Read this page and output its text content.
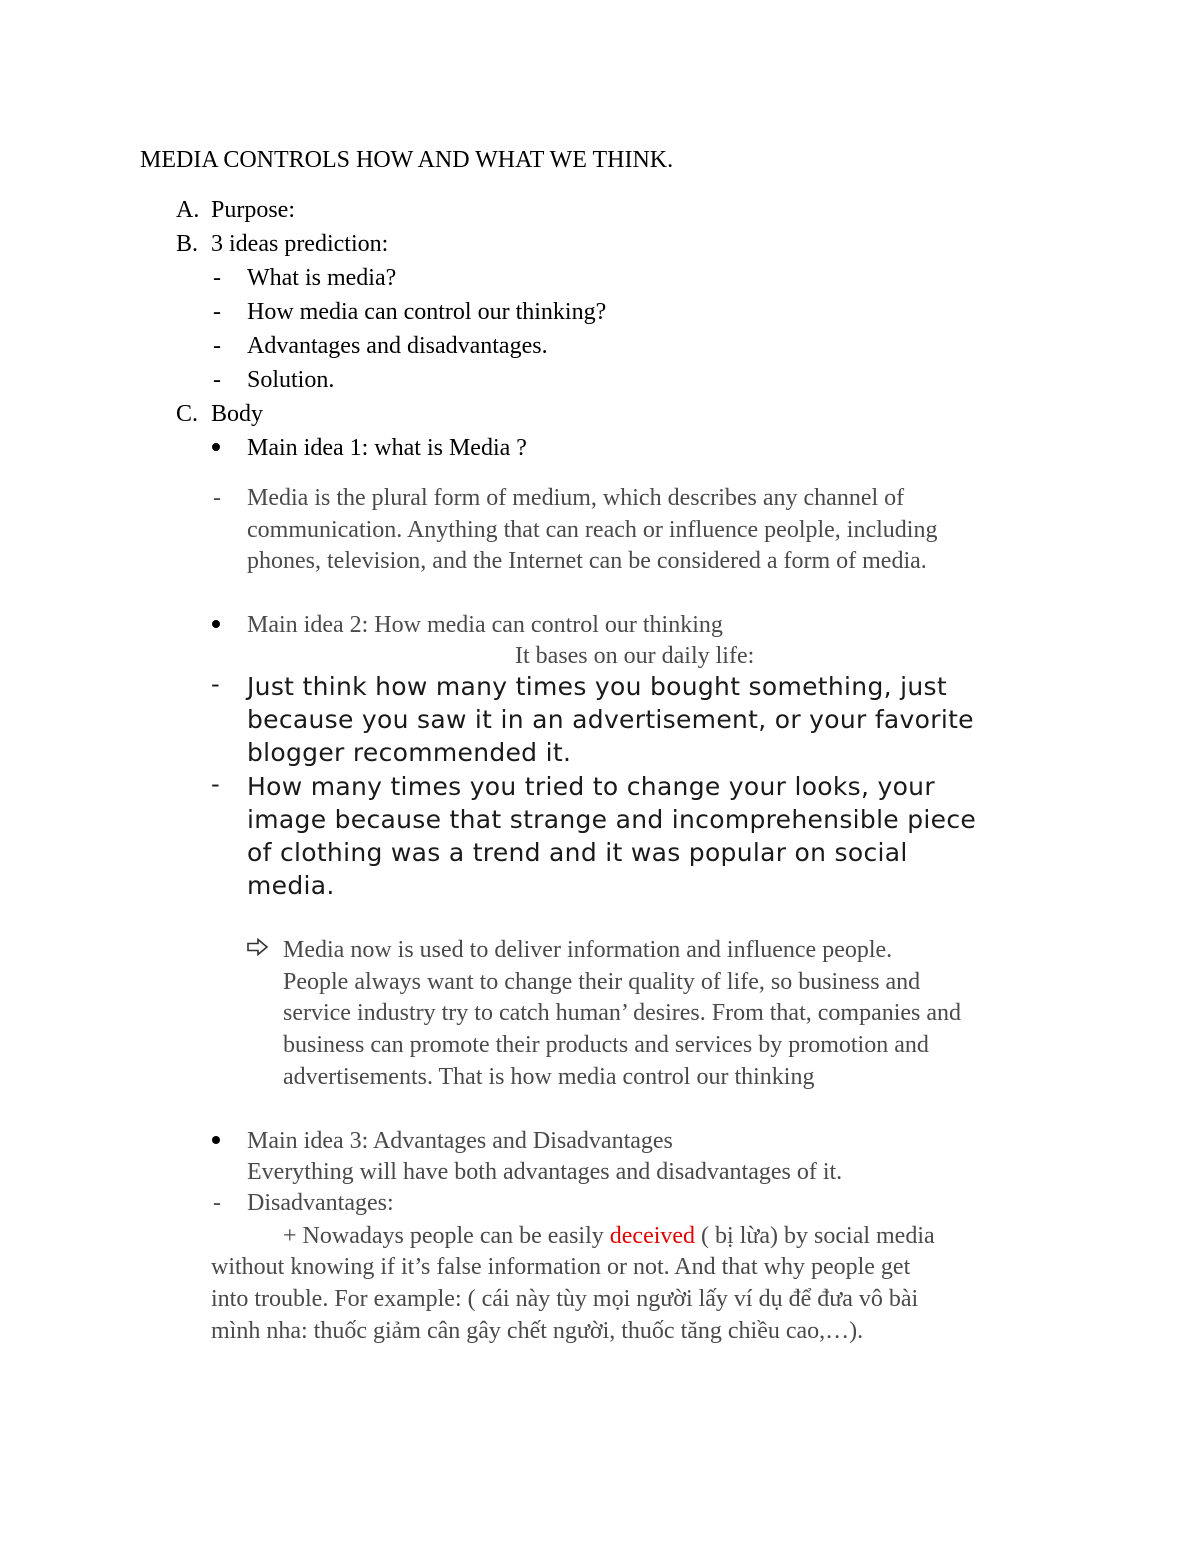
MEDIA CONTROLS HOW AND WHAT WE THINK.
A. Purpose:
B. 3 ideas prediction:
- What is media?
- How media can control our thinking?
- Advantages and disadvantages.
- Solution.
C. Body
Main idea 1: what is Media ?
- Media is the plural form of medium, which describes any channel of
communication. Anything that can reach or influence peolple, including
phones, television, and the Internet can be considered a form of media.
Main idea 2: How media can control our thinking
It bases on our daily life:
- Just think how many times you bought something, just
because you saw it in an advertisement, or your favorite
blogger recommended it.
- How many times you tried to change your looks, your
image because that strange and incomprehensible piece
of clothing was a trend and it was popular on social
media.
Media now is used to deliver information and influence people.
People always want to change their quality of life, so business and
service industry try to catch human’ desires. From that, companies and
business can promote their products and services by promotion and
advertisements. That is how media control our thinking
Main idea 3: Advantages and Disadvantages
Everything will have both advantages and disadvantages of it.
- Disadvantages:
+ Nowadays people can be easily deceived ( bị lừa) by social media
without knowing if it’s false information or not. And that why people get
into trouble. For example: ( cái này tùy mọi người lấy ví dụ để đưa vô bài
mình nha: thuốc giảm cân gây chết người, thuốc tăng chiều cao,…).
